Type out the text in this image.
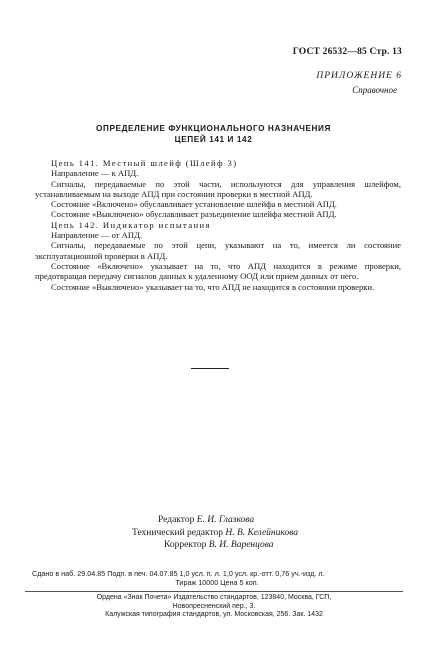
ГОСТ 26532—85 Стр. 13
ПРИЛОЖЕНИЕ 6
Справочное
ОПРЕДЕЛЕНИЕ ФУНКЦИОНАЛЬНОГО НАЗНАЧЕНИЯ
ЦЕПЕЙ 141 И 142

Цепь 141. Местный шлейф (Шлейф 3)

Направление — к АПД.

Сигналы, передаваемые по этой части, используются для управления шлейфом, устанавливаемым на выходе АПД при состоянии проверки в местной АПД.

Состояние «Включено» обуславливает установление шлейфа в местной АПД.

Состояние «Выключено» обуславливает разъединение шлейфа местной АПД.

Цепь 142. Индикатор испытания

Направление — от АПД.

Сигналы, передаваемые по этой цепи, указывают на то, имеется ли состояние эксплуатационной проверки в АПД.

Состояние «Включено» указывает на то, что АПД находится в режиме проверки, предотвращая передачу сигналов данных к удаленному ООД или прием данных от него.

Состояние «Выключено» указывает на то, что АПД не находится в состоянии проверки.

Редактор Е. И. Глазкова
Технический редактор Н. В. Келейникова
Корректор В. И. Варенцова
Сдано в наб. 29.04.85 Подп. в печ. 04.07.85 1,0 усл. п. л. 1,0 усл. кр.-отт. 0,76 уч.-изд. л.
Тираж 10000 Цена 5 коп.
Ордена «Знак Почета» Издательство стандартов, 123840, Москва, ГСП,
Новопресненский пер., 3.
Калужская типография стандартов, ул. Московская, 256. Зак. 1432
